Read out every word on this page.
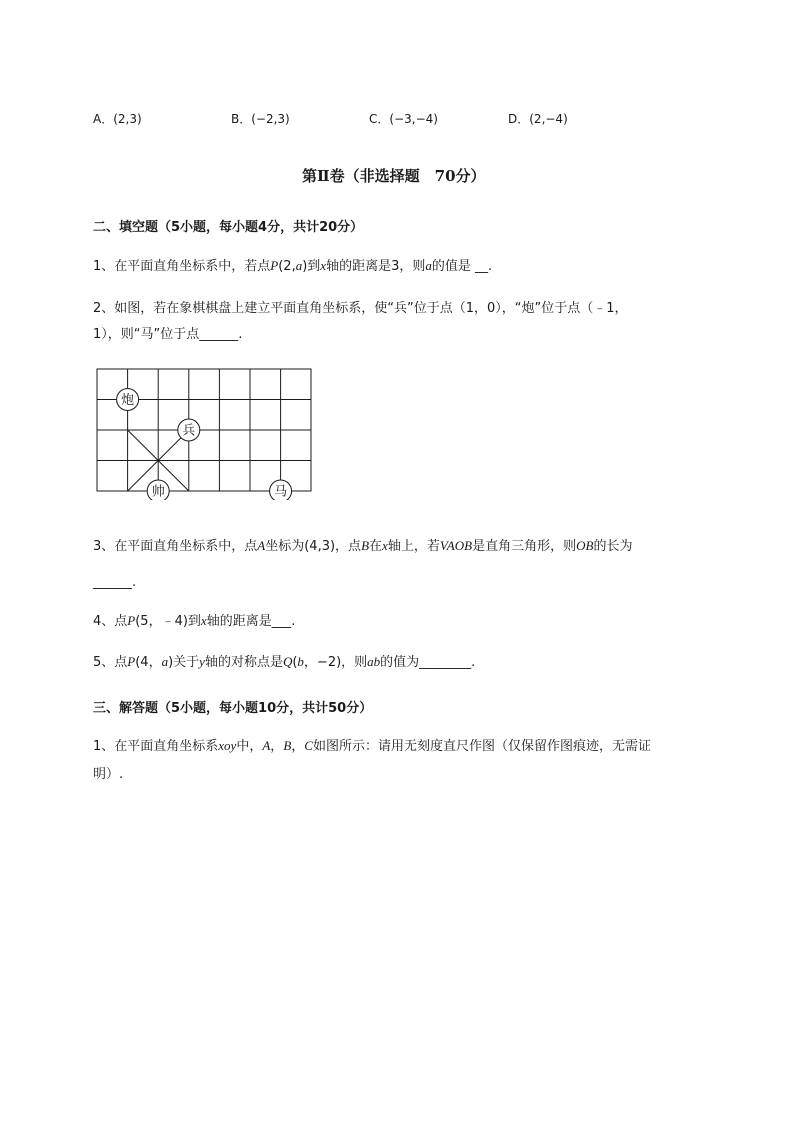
A．(2,3)	B．(−2,3)	C．(−3,−4)	D．(2,−4)
第Ⅱ卷（非选择题　70分）
二、填空题（5小题，每小题4分，共计20分）
1、在平面直角坐标系中，若点P(2,a)到x轴的距离是3，则a的值是 __.
2、如图，若在象棋棋盘上建立平面直角坐标系，使“兵”位于点（1，0），“炮”位于点（﹣1，
1），则“马”位于点______.
炮
兵
帅	马
3、在平面直角坐标系中，点A坐标为(4,3)，点B在x轴上，若VAOB是直角三角形，则OB的长为
______.
4、点P(5，﹣4)到x轴的距离是___.
5、点P(4，a)关于y轴的对称点是Q(b，−2)，则ab的值为________.
三、解答题（5小题，每小题10分，共计50分）
1、在平面直角坐标系xoy中，A，B，C如图所示：请用无刻度直尺作图（仅保留作图痕迹，无需证
明）.
